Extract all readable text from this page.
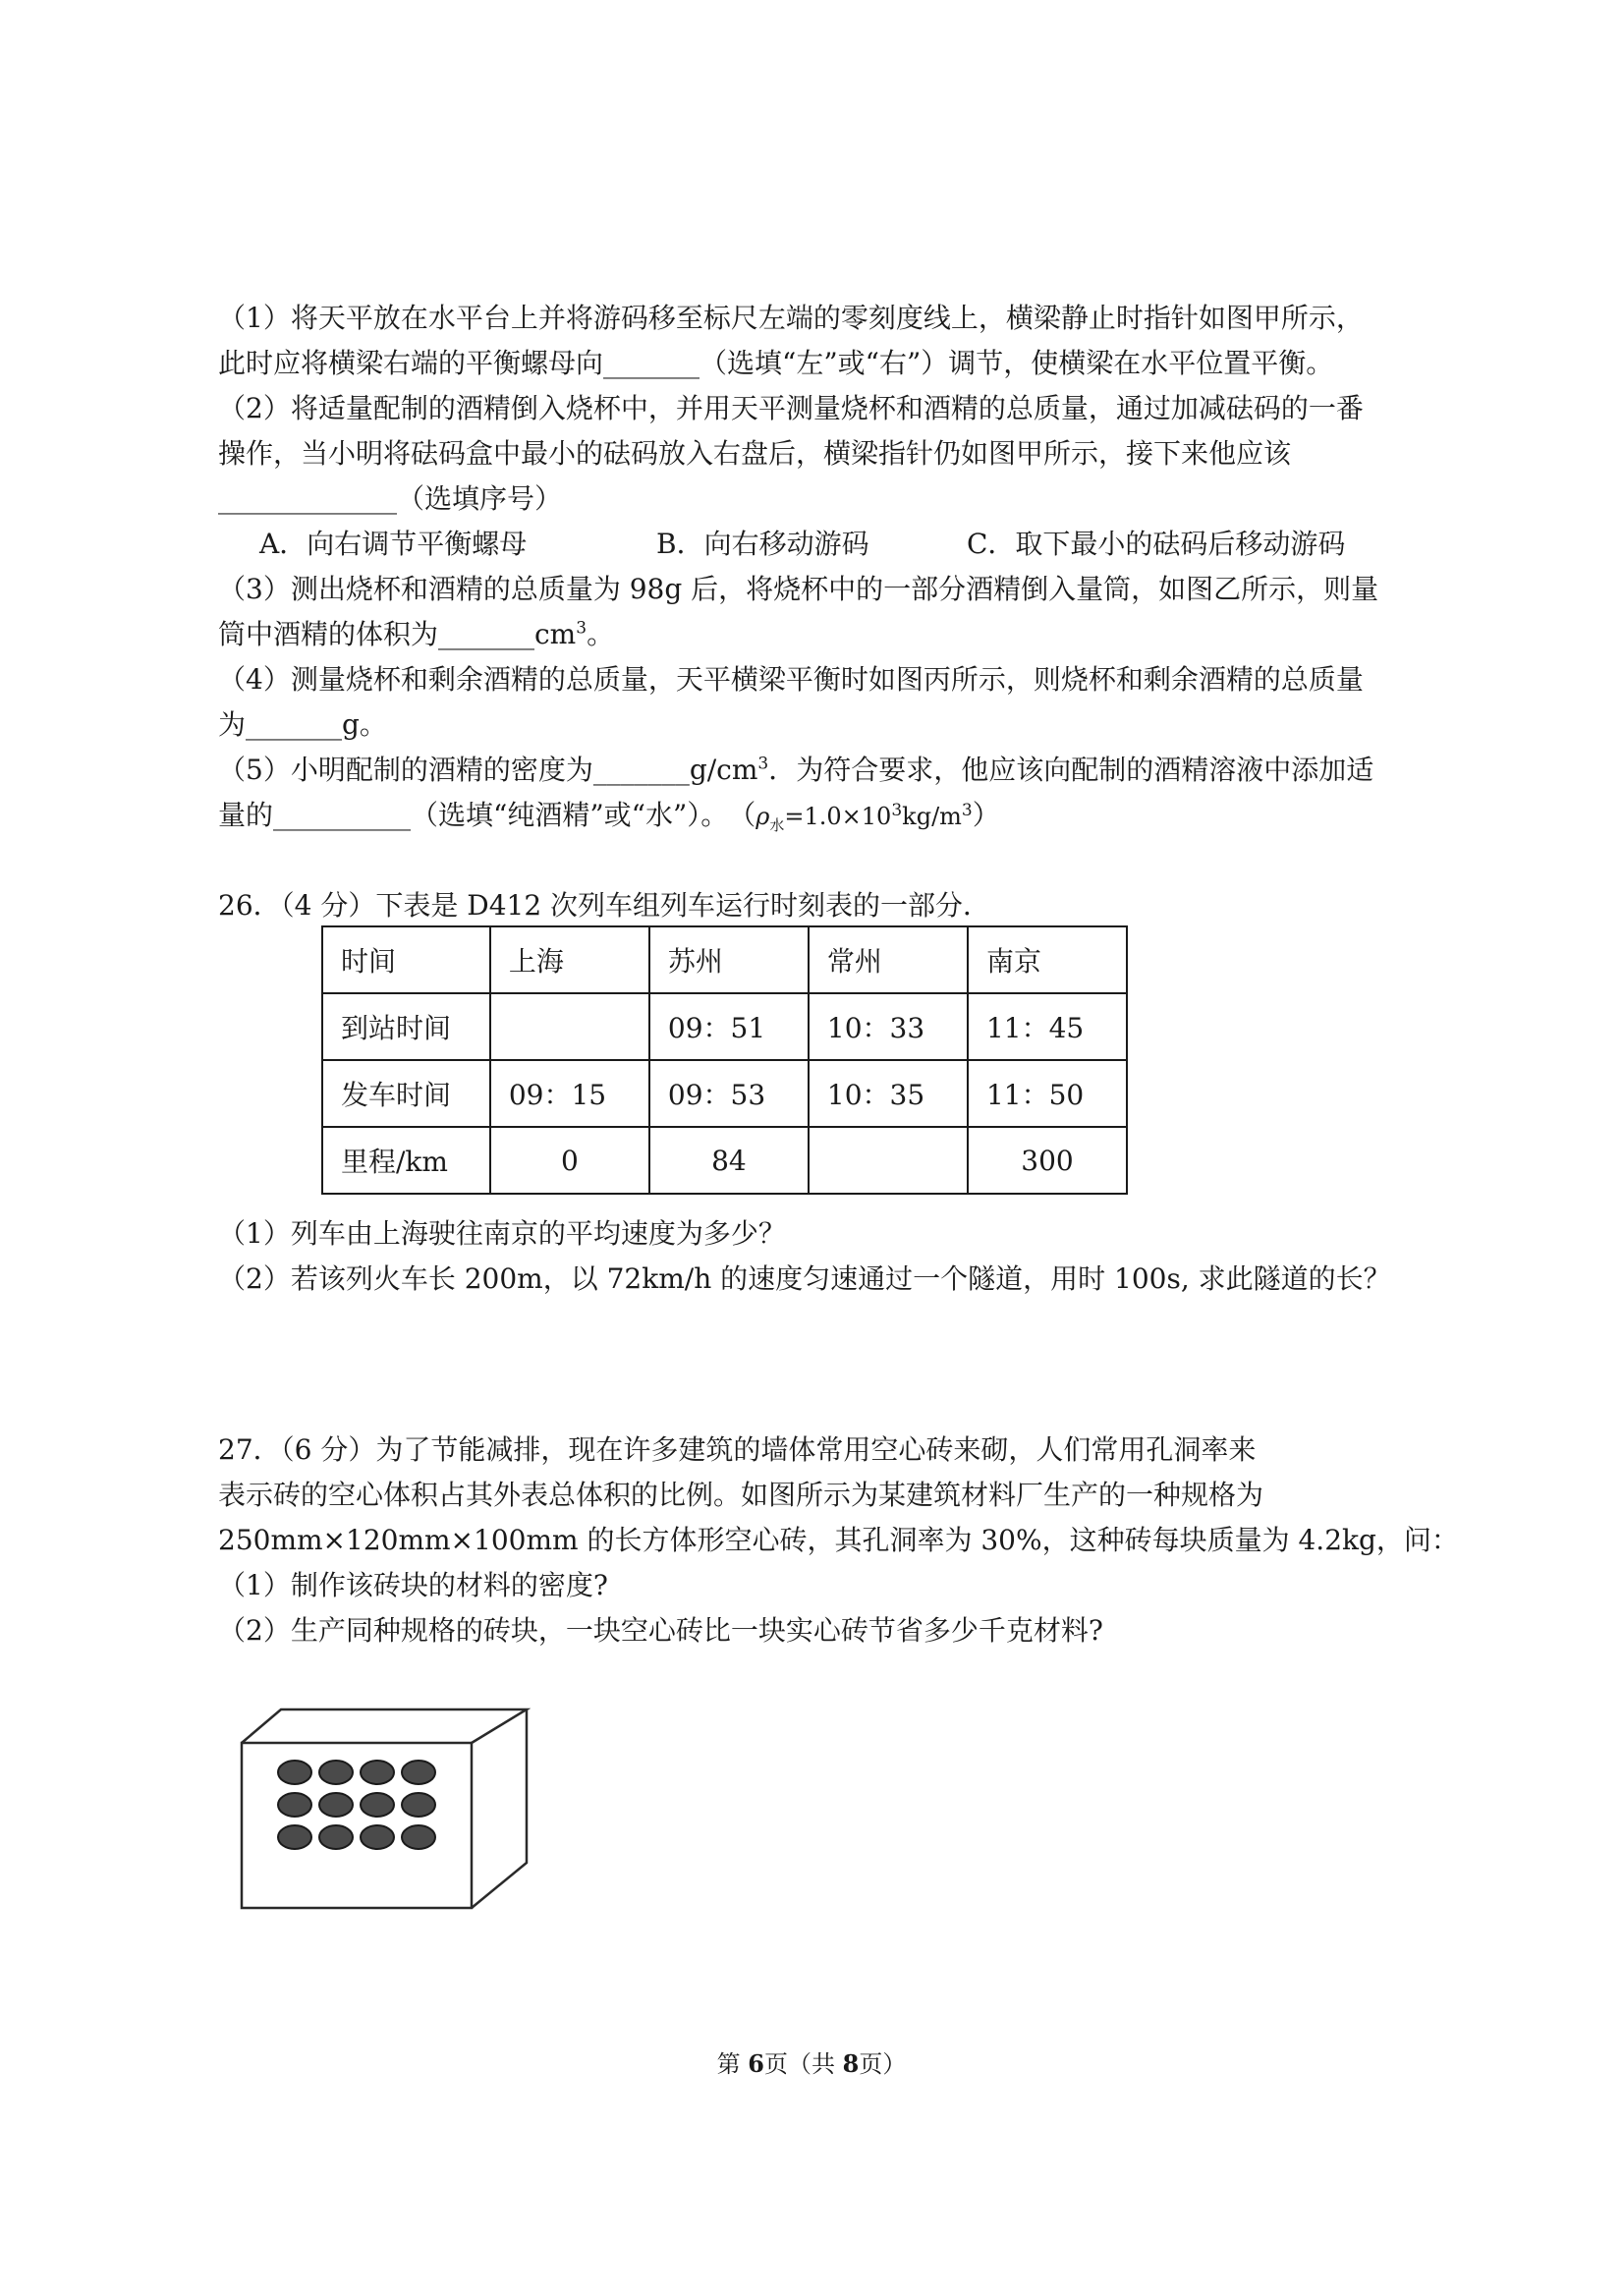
（1）将天平放在水平台上并将游码移至标尺左端的零刻度线上，横梁静止时指针如图甲所示，
此时应将横梁右端的平衡螺母向_______（选填“左”或“右”）调节，使横梁在水平位置平衡。
（2）将适量配制的酒精倒入烧杯中，并用天平测量烧杯和酒精的总质量，通过加减砝码的一番
操作，当小明将砝码盒中最小的砝码放入右盘后，横梁指针仍如图甲所示，接下来他应该
_____________（选填序号）
A．向右调节平衡螺母	B．向右移动游码	C．取下最小的砝码后移动游码
（3）测出烧杯和酒精的总质量为 98g 后，将烧杯中的一部分酒精倒入量筒，如图乙所示，则量
筒中酒精的体积为$\_\_\_\_\_\_\_cm^3$。
（4）测量烧杯和剩余酒精的总质量，天平横梁平衡时如图丙所示，则烧杯和剩余酒精的总质量
为_______g。
（5）小明配制的酒精的密度为$\_\_\_\_\_\_\_g/cm^3$．为符合要求，他应该向配制的酒精溶液中添加适
量的__________（选填“纯酒精”或“水”）。　$(\rho_水=1.0\times 10^3kg/m^3)$
26．（4 分）下表是 D412 次列车组列车运行时刻表的一部分．
时间	上海	苏州	常州	南京
到站时间		09：51	10：33	11：45
发车时间	09：15	09：53	10：35	11：50
里程/km	0	84		300
（1）列车由上海驶往南京的平均速度为多少？
（2）若该列火车长 200m，以 72km/h 的速度匀速通过一个隧道，用时 100s, 求此隧道的长？
27．（6 分）为了节能减排，现在许多建筑的墙体常用空心砖来砌，人们常用孔洞率来
表示砖的空心体积占其外表总体积的比例。如图所示为某建筑材料厂生产的一种规格为
250mm×120mm×100mm 的长方体形空心砖，其孔洞率为 30%，这种砖每块质量为 4.2kg，问：
（1）制作该砖块的材料的密度?
（2）生产同种规格的砖块，一块空心砖比一块实心砖节省多少千克材料?
第 6页（共 8页）
